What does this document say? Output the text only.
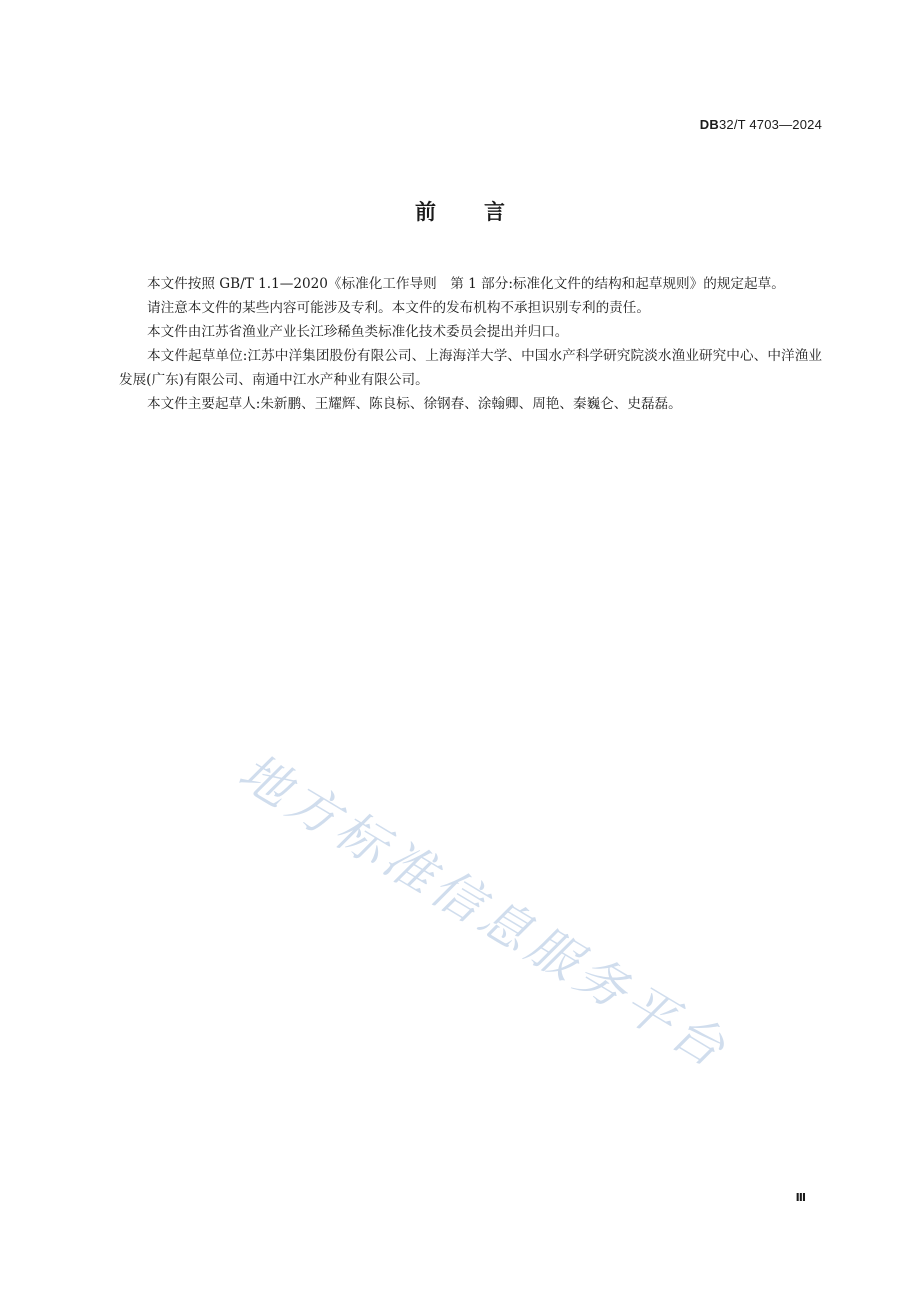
DB32/T 4703—2024
前 言

本文件按照 GB/T 1.1—2020《标准化工作导则　第 1 部分:标准化文件的结构和起草规则》的规定起草。

请注意本文件的某些内容可能涉及专利。本文件的发布机构不承担识别专利的责任。

本文件由江苏省渔业产业长江珍稀鱼类标准化技术委员会提出并归口。

本文件起草单位:江苏中洋集团股份有限公司、上海海洋大学、中国水产科学研究院淡水渔业研究中心、中洋渔业发展(广东)有限公司、南通中江水产种业有限公司。

本文件主要起草人:朱新鹏、王耀辉、陈良标、徐钢春、涂翰卿、周艳、秦巍仑、史磊磊。

地方标准信息服务平台
Ⅲ
